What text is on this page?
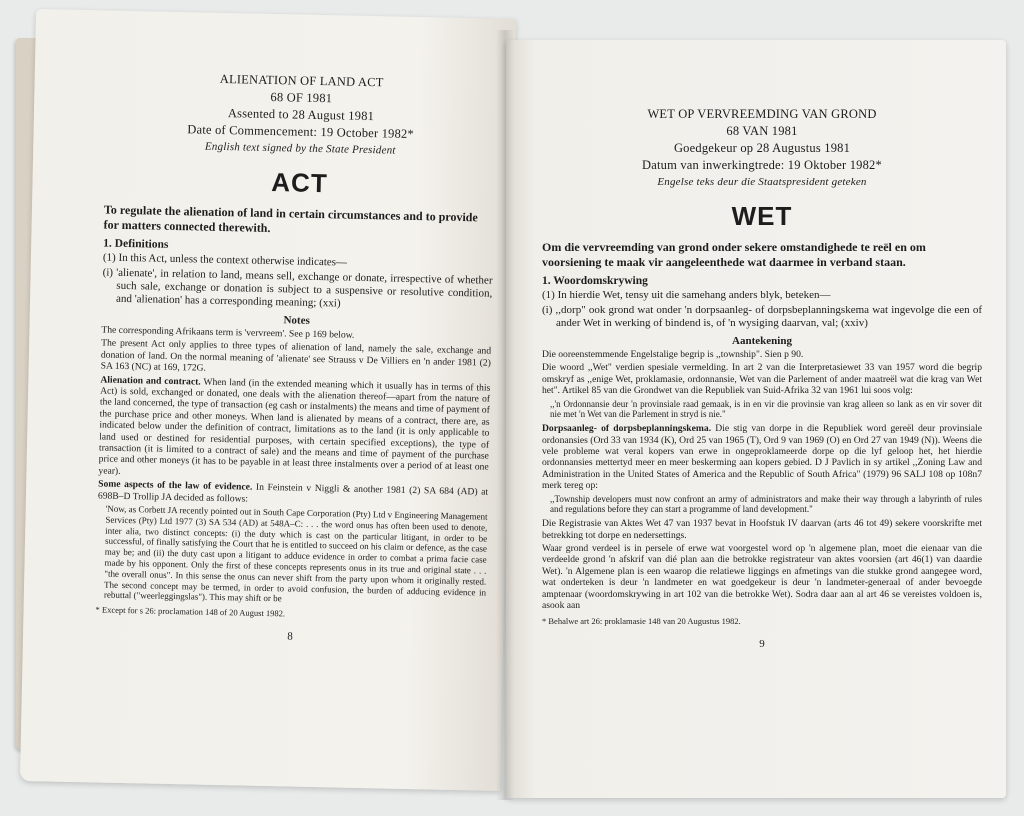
ALIENATION OF LAND ACT
68 OF 1981
Assented to 28 August 1981
Date of Commencement: 19 October 1982*
English text signed by the State President
ACT
To regulate the alienation of land in certain circumstances and to provide for matters connected therewith.
1. Definitions
(1) In this Act, unless the context otherwise indicates—
(i) 'alienate', in relation to land, means sell, exchange or donate, irrespective of whether such sale, exchange or donation is subject to a suspensive or resolutive condition, and 'alienation' has a corresponding meaning; (xxi)
Notes
The corresponding Afrikaans term is 'vervreem'. See p 169 below.
The present Act only applies to three types of alienation of land, namely the sale, exchange and donation of land. On the normal meaning of 'alienate' see Strauss v De Villiers en 'n ander 1981 (2) SA 163 (NC) at 169, 172G.
Alienation and contract. When land (in the extended meaning which it usually has in terms of this Act) is sold, exchanged or donated, one deals with the alienation thereof—apart from the nature of the land concerned, the type of transaction (eg cash or instalments) the means and time of payment of the purchase price and other moneys. When land is alienated by means of a contract, there are, as indicated below under the definition of contract, limitations as to the land (it is only applicable to land used or destined for residential purposes, with certain specified exceptions), the type of transaction (it is limited to a contract of sale) and the means and time of payment of the purchase price and other moneys (it has to be payable in at least three instalments over a period of at least one year).
Some aspects of the law of evidence. In Feinstein v Niggli & another 1981 (2) SA 684 (AD) at 698B–D Trollip JA decided as follows:
'Now, as Corbett JA recently pointed out in South Cape Corporation (Pty) Ltd v Engineering Management Services (Pty) Ltd 1977 (3) SA 534 (AD) at 548A–C: . . . the word onus has often been used to denote, inter alia, two distinct concepts: (i) the duty which is cast on the particular litigant, in order to be successful, of finally satisfying the Court that he is entitled to succeed on his claim or defence, as the case may be; and (ii) the duty cast upon a litigant to adduce evidence in order to combat a prima facie case made by his opponent. Only the first of these concepts represents onus in its true and original state . . . "the overall onus". In this sense the onus can never shift from the party upon whom it originally rested. The second concept may be termed, in order to avoid confusion, the burden of adducing evidence in rebuttal ("weerleggingslas"). This may shift or be
* Except for s 26: proclamation 148 of 20 August 1982.
8
WET OP VERVREEMDING VAN GROND
68 VAN 1981
Goedgekeur op 28 Augustus 1981
Datum van inwerkingtrede: 19 Oktober 1982*
Engelse teks deur die Staatspresident geteken
WET
Om die vervreemding van grond onder sekere omstandighede te reël en om voorsiening te maak vir aangeleenthede wat daarmee in verband staan.
1. Woordomskrywing
(1) In hierdie Wet, tensy uit die samehang anders blyk, beteken—
(i) ,,dorp" ook grond wat onder 'n dorpsaanleg- of dorpsbeplanningskema wat ingevolge die een of ander Wet in werking of bindend is, of 'n wysiging daarvan, val; (xxiv)
Aantekening
Die ooreenstemmende Engelstalige begrip is ,,township". Sien p 90.
Die woord ,,Wet" verdien spesiale vermelding. In art 2 van die Interpretasiewet 33 van 1957 word die begrip omskryf as ,,enige Wet, proklamasie, ordonnansie, Wet van die Parlement of ander maatreël wat die krag van Wet het". Artikel 85 van die Grondwet van die Republiek van Suid-Afrika 32 van 1961 lui soos volg:
,,'n Ordonnansie deur 'n provinsiale raad gemaak, is in en vir die provinsie van krag alleen so lank as en vir sover dit nie met 'n Wet van die Parlement in stryd is nie."
Dorpsaanleg- of dorpsbeplanningskema. Die stig van dorpe in die Republiek word gereël deur provinsiale ordonansies (Ord 33 van 1934 (K), Ord 25 van 1965 (T), Ord 9 van 1969 (O) en Ord 27 van 1949 (N)). Weens die vele probleme wat veral kopers van erwe in ongeproklameerde dorpe op die lyf geloop het, het hierdie ordonnansies mettertyd meer en meer beskerming aan kopers gebied. D J Pavlich in sy artikel ,,Zoning Law and Administration in the United States of America and the Republic of South Africa" (1979) 96 SALJ 108 op 108n7 merk tereg op:
,,Township developers must now confront an army of administrators and make their way through a labyrinth of rules and regulations before they can start a programme of land development."
Die Registrasie van Aktes Wet 47 van 1937 bevat in Hoofstuk IV daarvan (arts 46 tot 49) sekere voorskrifte met betrekking tot dorpe en nedersettings.
Waar grond verdeel is in persele of erwe wat voorgestel word op 'n algemene plan, moet die eienaar van die verdeelde grond 'n afskrif van dié plan aan die betrokke registrateur van aktes voorsien (art 46(1) van daardie Wet). 'n Algemene plan is een waarop die relatiewe liggings en afmetings van die stukke grond aangegee word, wat onderteken is deur 'n landmeter en wat goedgekeur is deur 'n landmeter-generaal of ander bevoegde amptenaar (woordomskrywing in art 102 van die betrokke Wet). Sodra daar aan al art 46 se vereistes voldoen is, asook aan
* Behalwe art 26: proklamasie 148 van 20 Augustus 1982.
9
